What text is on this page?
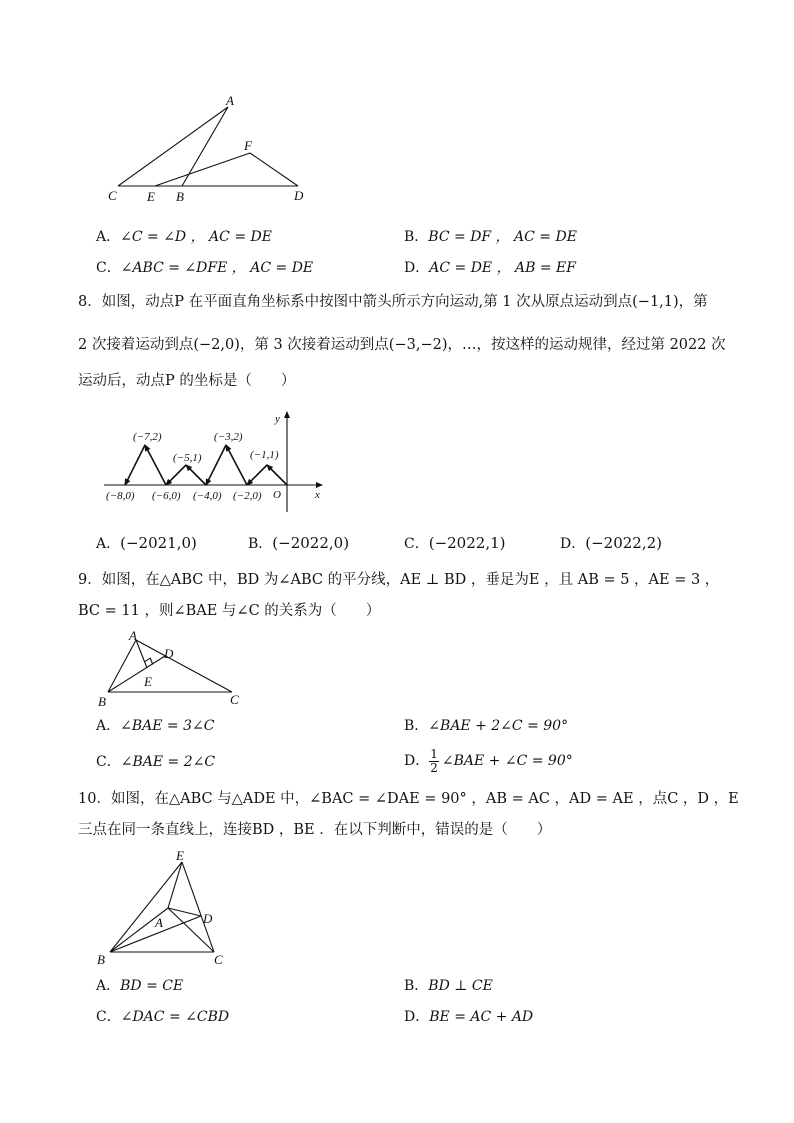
A
F
C E B	D
A．∠C = ∠D ， AC = DE	B．BC = DF ， AC = DE
C．∠ABC = ∠DFE ， AC = DE	D．AC = DE ， AB = EF
8．如图，动点P 在平面直角坐标系中按图中箭头所示方向运动,第 1 次从原点运动到点(−1,1)，第
2 次接着运动到点(−2,0)，第 3 次接着运动到点(−3,−2)，…，按这样的运动规律，经过第 2022 次
运动后，动点P 的坐标是（　　）
y
x
O
(−7,2)
(−5,1)
(−3,2)
(−1,1)
(−8,0) (−6,0) (−4,0) (−2,0)
A．(−2021,0)	B．(−2022,0)	C．(−2022,1)	D．(−2022,2)
9．如图，在△ABC 中，BD 为∠ABC 的平分线，AE ⊥ BD ，垂足为E ，且 AB = 5 ，AE = 3 ，
BC = 11 ，则∠BAE 与∠C 的关系为（　　）
A
D
E
B	C
A．∠BAE = 3∠C	B．∠BAE + 2∠C = 90°
C．∠BAE = 2∠C	D． $\frac{1}{2}$ ∠BAE + ∠C = 90°
10．如图，在△ABC 与△ADE 中，∠BAC = ∠DAE = 90° ，AB = AC ，AD = AE ，点C ，D ，E
三点在同一条直线上，连接BD ，BE ．在以下判断中，错误的是（　　）
E
D
A
B	C
A．BD = CE	B．BD ⊥ CE
C．∠DAC = ∠CBD	D．BE = AC + AD
